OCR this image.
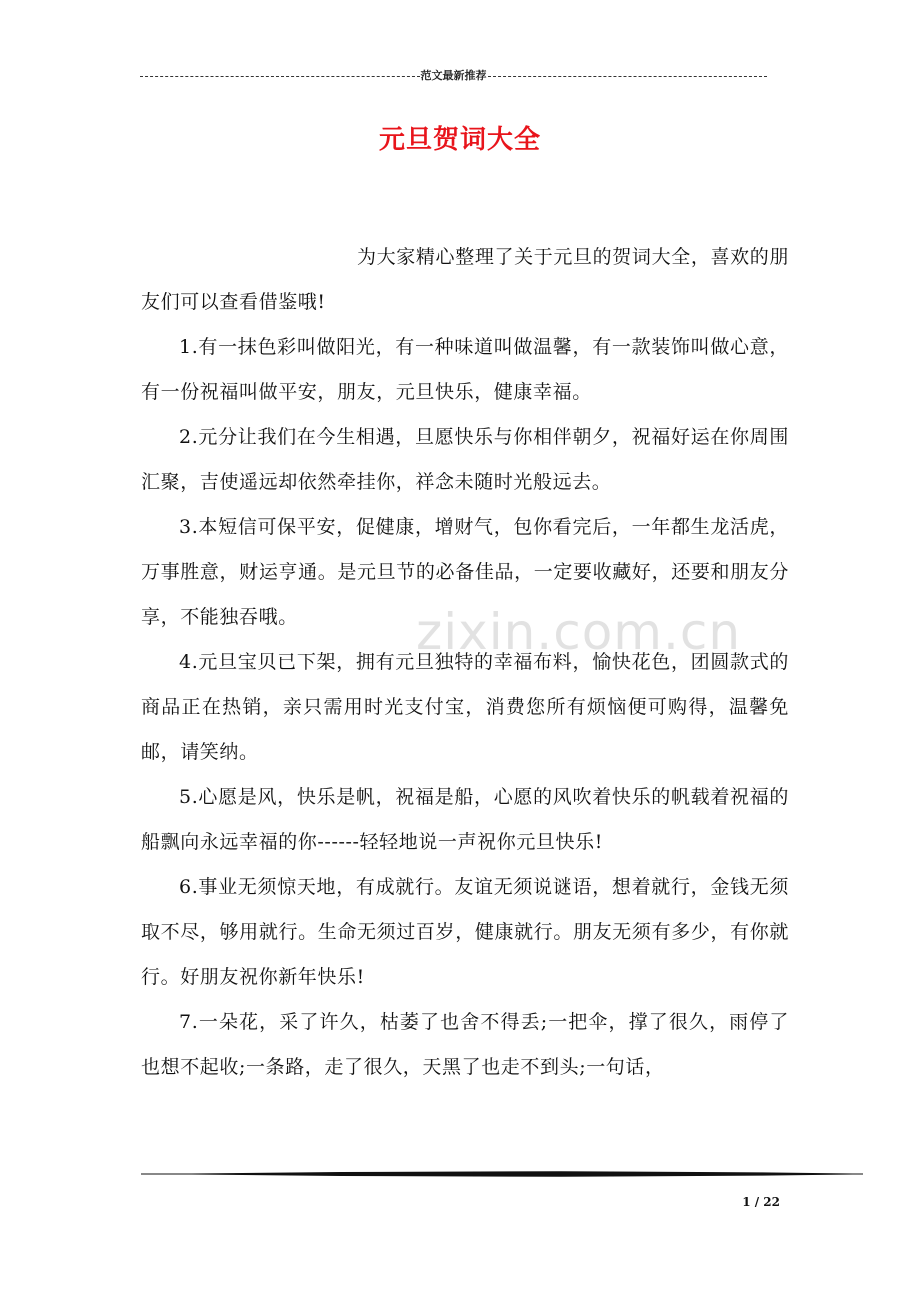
范文最新推荐
元旦贺词大全

为大家精心整理了关于元旦的贺词大全，喜欢的朋友们可以查看借鉴哦!

1.有一抹色彩叫做阳光，有一种味道叫做温馨，有一款装饰叫做心意，有一份祝福叫做平安，朋友，元旦快乐，健康幸福。

2.元分让我们在今生相遇，旦愿快乐与你相伴朝夕，祝福好运在你周围汇聚，吉使遥远却依然牵挂你，祥念未随时光般远去。

3.本短信可保平安，促健康，增财气，包你看完后，一年都生龙活虎，万事胜意，财运亨通。是元旦节的必备佳品，一定要收藏好，还要和朋友分享，不能独吞哦。

4.元旦宝贝已下架，拥有元旦独特的幸福布料，愉快花色，团圆款式的商品正在热销，亲只需用时光支付宝，消费您所有烦恼便可购得，温馨免邮，请笑纳。

5.心愿是风，快乐是帆，祝福是船，心愿的风吹着快乐的帆载着祝福的船飘向永远幸福的你------轻轻地说一声祝你元旦快乐!

6.事业无须惊天地，有成就行。友谊无须说谜语，想着就行，金钱无须取不尽，够用就行。生命无须过百岁，健康就行。朋友无须有多少，有你就行。好朋友祝你新年快乐!

7.一朵花，采了许久，枯萎了也舍不得丢;一把伞，撑了很久，雨停了也想不起收;一条路，走了很久，天黑了也走不到头;一句话，

zixin.com.cn
1 / 22
